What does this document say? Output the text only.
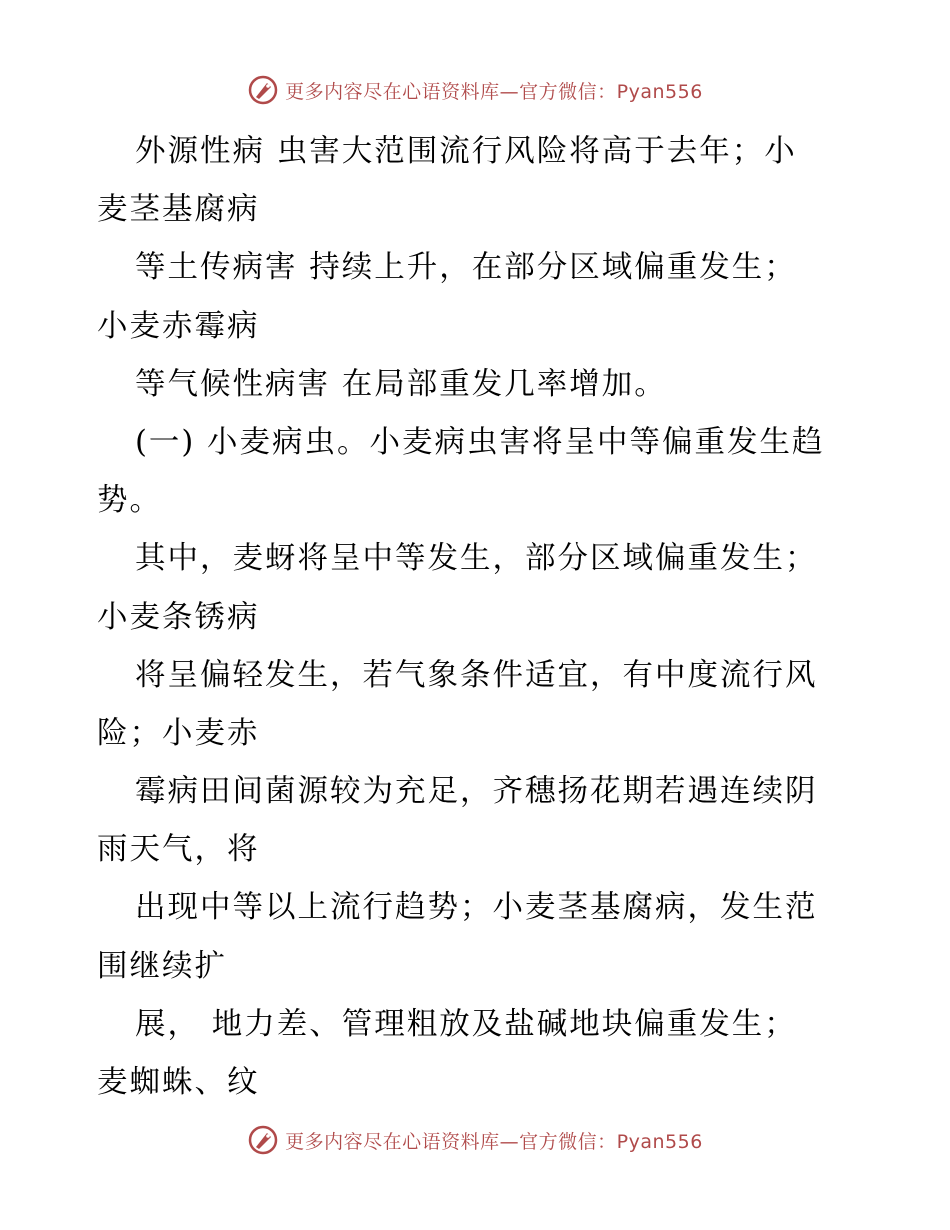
更多内容尽在心语资料库—官方微信：Pyan556
外源性病 虫害大范围流行风险将高于去年；小
麦茎基腐病
等土传病害 持续上升，在部分区域偏重发生；
小麦赤霉病
等气候性病害 在局部重发几率增加。
(一) 小麦病虫。小麦病虫害将呈中等偏重发生趋
势。
其中，麦蚜将呈中等发生，部分区域偏重发生；
小麦条锈病
将呈偏轻发生，若气象条件适宜，有中度流行风
险；小麦赤
霉病田间菌源较为充足，齐穗扬花期若遇连续阴
雨天气，将
出现中等以上流行趋势；小麦茎基腐病，发生范
围继续扩
展， 地力差、管理粗放及盐碱地块偏重发生；
麦蜘蛛、纹
更多内容尽在心语资料库—官方微信：Pyan556
